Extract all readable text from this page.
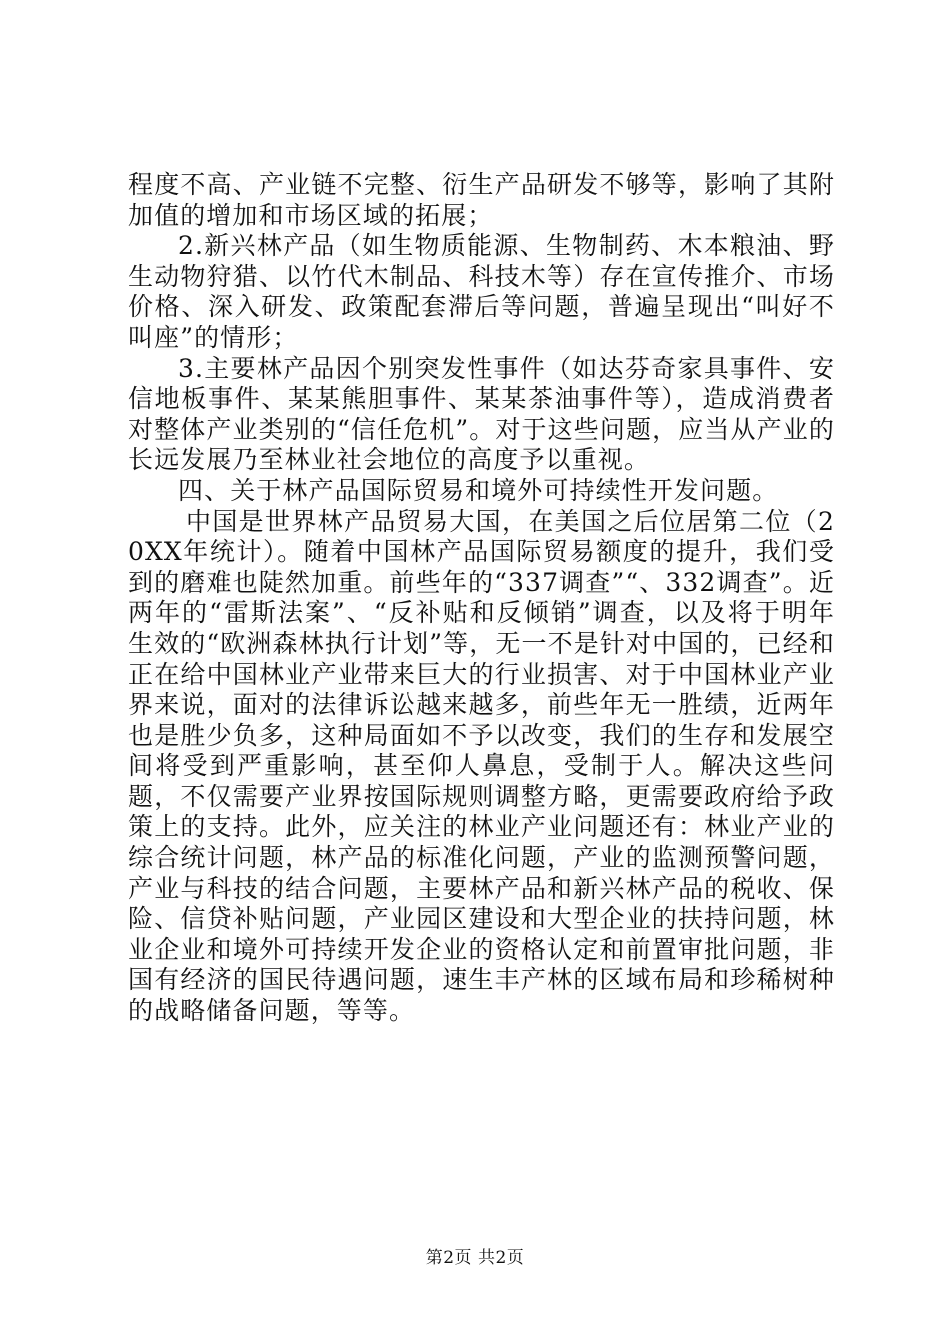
程度不高、产业链不完整、衍生产品研发不够等，影响了其附加值的增加和市场区域的拓展；

2.新兴林产品（如生物质能源、生物制药、木本粮油、野生动物狩猎、以竹代木制品、科技木等）存在宣传推介、市场价格、深入研发、政策配套滞后等问题，普遍呈现出“叫好不叫座”的情形；

3.主要林产品因个别突发性事件（如达芬奇家具事件、安信地板事件、某某熊胆事件、某某茶油事件等），造成消费者对整体产业类别的“信任危机”。对于这些问题，应当从产业的长远发展乃至林业社会地位的高度予以重视。

四、关于林产品国际贸易和境外可持续性开发问题。

中国是世界林产品贸易大国，在美国之后位居第二位（20XX年统计）。随着中国林产品国际贸易额度的提升，我们受到的磨难也陡然加重。前些年的“337调查”“、332调查”。近两年的“雷斯法案”、“反补贴和反倾销”调查，以及将于明年生效的“欧洲森林执行计划”等，无一不是针对中国的，已经和正在给中国林业产业带来巨大的行业损害、对于中国林业产业界来说，面对的法律诉讼越来越多，前些年无一胜绩，近两年也是胜少负多，这种局面如不予以改变，我们的生存和发展空间将受到严重影响，甚至仰人鼻息，受制于人。解决这些问题，不仅需要产业界按国际规则调整方略，更需要政府给予政策上的支持。此外，应关注的林业产业问题还有：林业产业的综合统计问题，林产品的标准化问题，产业的监测预警问题，产业与科技的结合问题，主要林产品和新兴林产品的税收、保险、信贷补贴问题，产业园区建设和大型企业的扶持问题，林业企业和境外可持续开发企业的资格认定和前置审批问题，非国有经济的国民待遇问题，速生丰产林的区域布局和珍稀树种的战略储备问题，等等。

第2页 共2页
